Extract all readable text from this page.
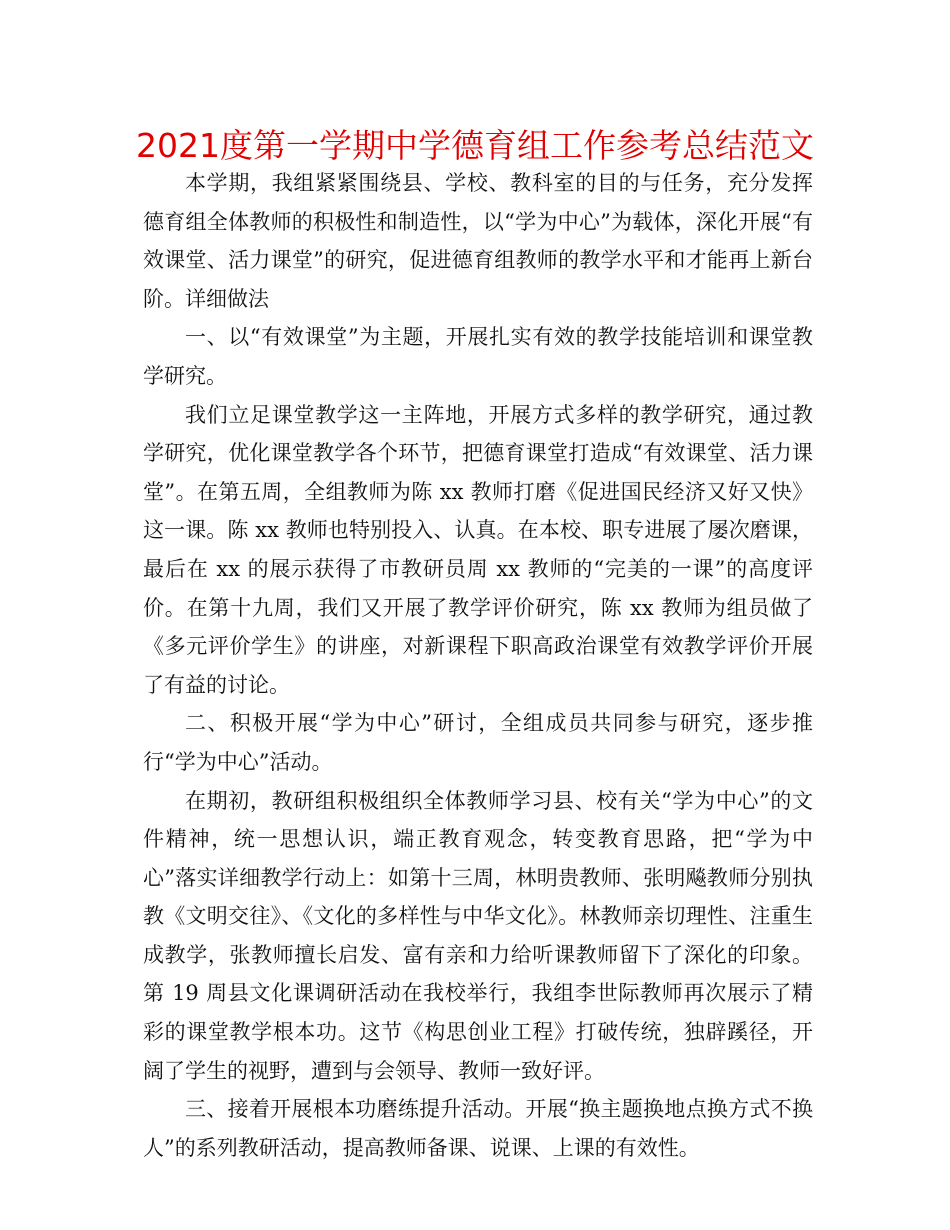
2021度第一学期中学德育组工作参考总结范文

本学期，我组紧紧围绕县、学校、教科室的目的与任务，充分发挥德育组全体教师的积极性和制造性，以“学为中心”为载体，深化开展“有效课堂、活力课堂”的研究，促进德育组教师的教学水平和才能再上新台阶。详细做法

一、以“有效课堂”为主题，开展扎实有效的教学技能培训和课堂教学研究。

我们立足课堂教学这一主阵地，开展方式多样的教学研究，通过教学研究，优化课堂教学各个环节，把德育课堂打造成“有效课堂、活力课堂”。在第五周，全组教师为陈 xx 教师打磨《促进国民经济又好又快》这一课。陈 xx 教师也特别投入、认真。在本校、职专进展了屡次磨课，最后在 xx 的展示获得了市教研员周 xx 教师的“完美的一课”的高度评价。在第十九周，我们又开展了教学评价研究，陈 xx 教师为组员做了《多元评价学生》的讲座，对新课程下职高政治课堂有效教学评价开展了有益的讨论。

二、积极开展“学为中心”研讨，全组成员共同参与研究，逐步推行“学为中心”活动。

在期初，教研组积极组织全体教师学习县、校有关“学为中心”的文件精神，统一思想认识，端正教育观念，转变教育思路，把“学为中心”落实详细教学行动上：如第十三周，林明贵教师、张明飚教师分别执教《文明交往》、《文化的多样性与中华文化》。林教师亲切理性、注重生成教学，张教师擅长启发、富有亲和力给听课教师留下了深化的印象。第 19 周县文化课调研活动在我校举行，我组李世际教师再次展示了精彩的课堂教学根本功。这节《构思创业工程》打破传统，独辟蹊径，开阔了学生的视野，遭到与会领导、教师一致好评。

三、接着开展根本功磨练提升活动。开展“换主题换地点换方式不换人”的系列教研活动，提高教师备课、说课、上课的有效性。
